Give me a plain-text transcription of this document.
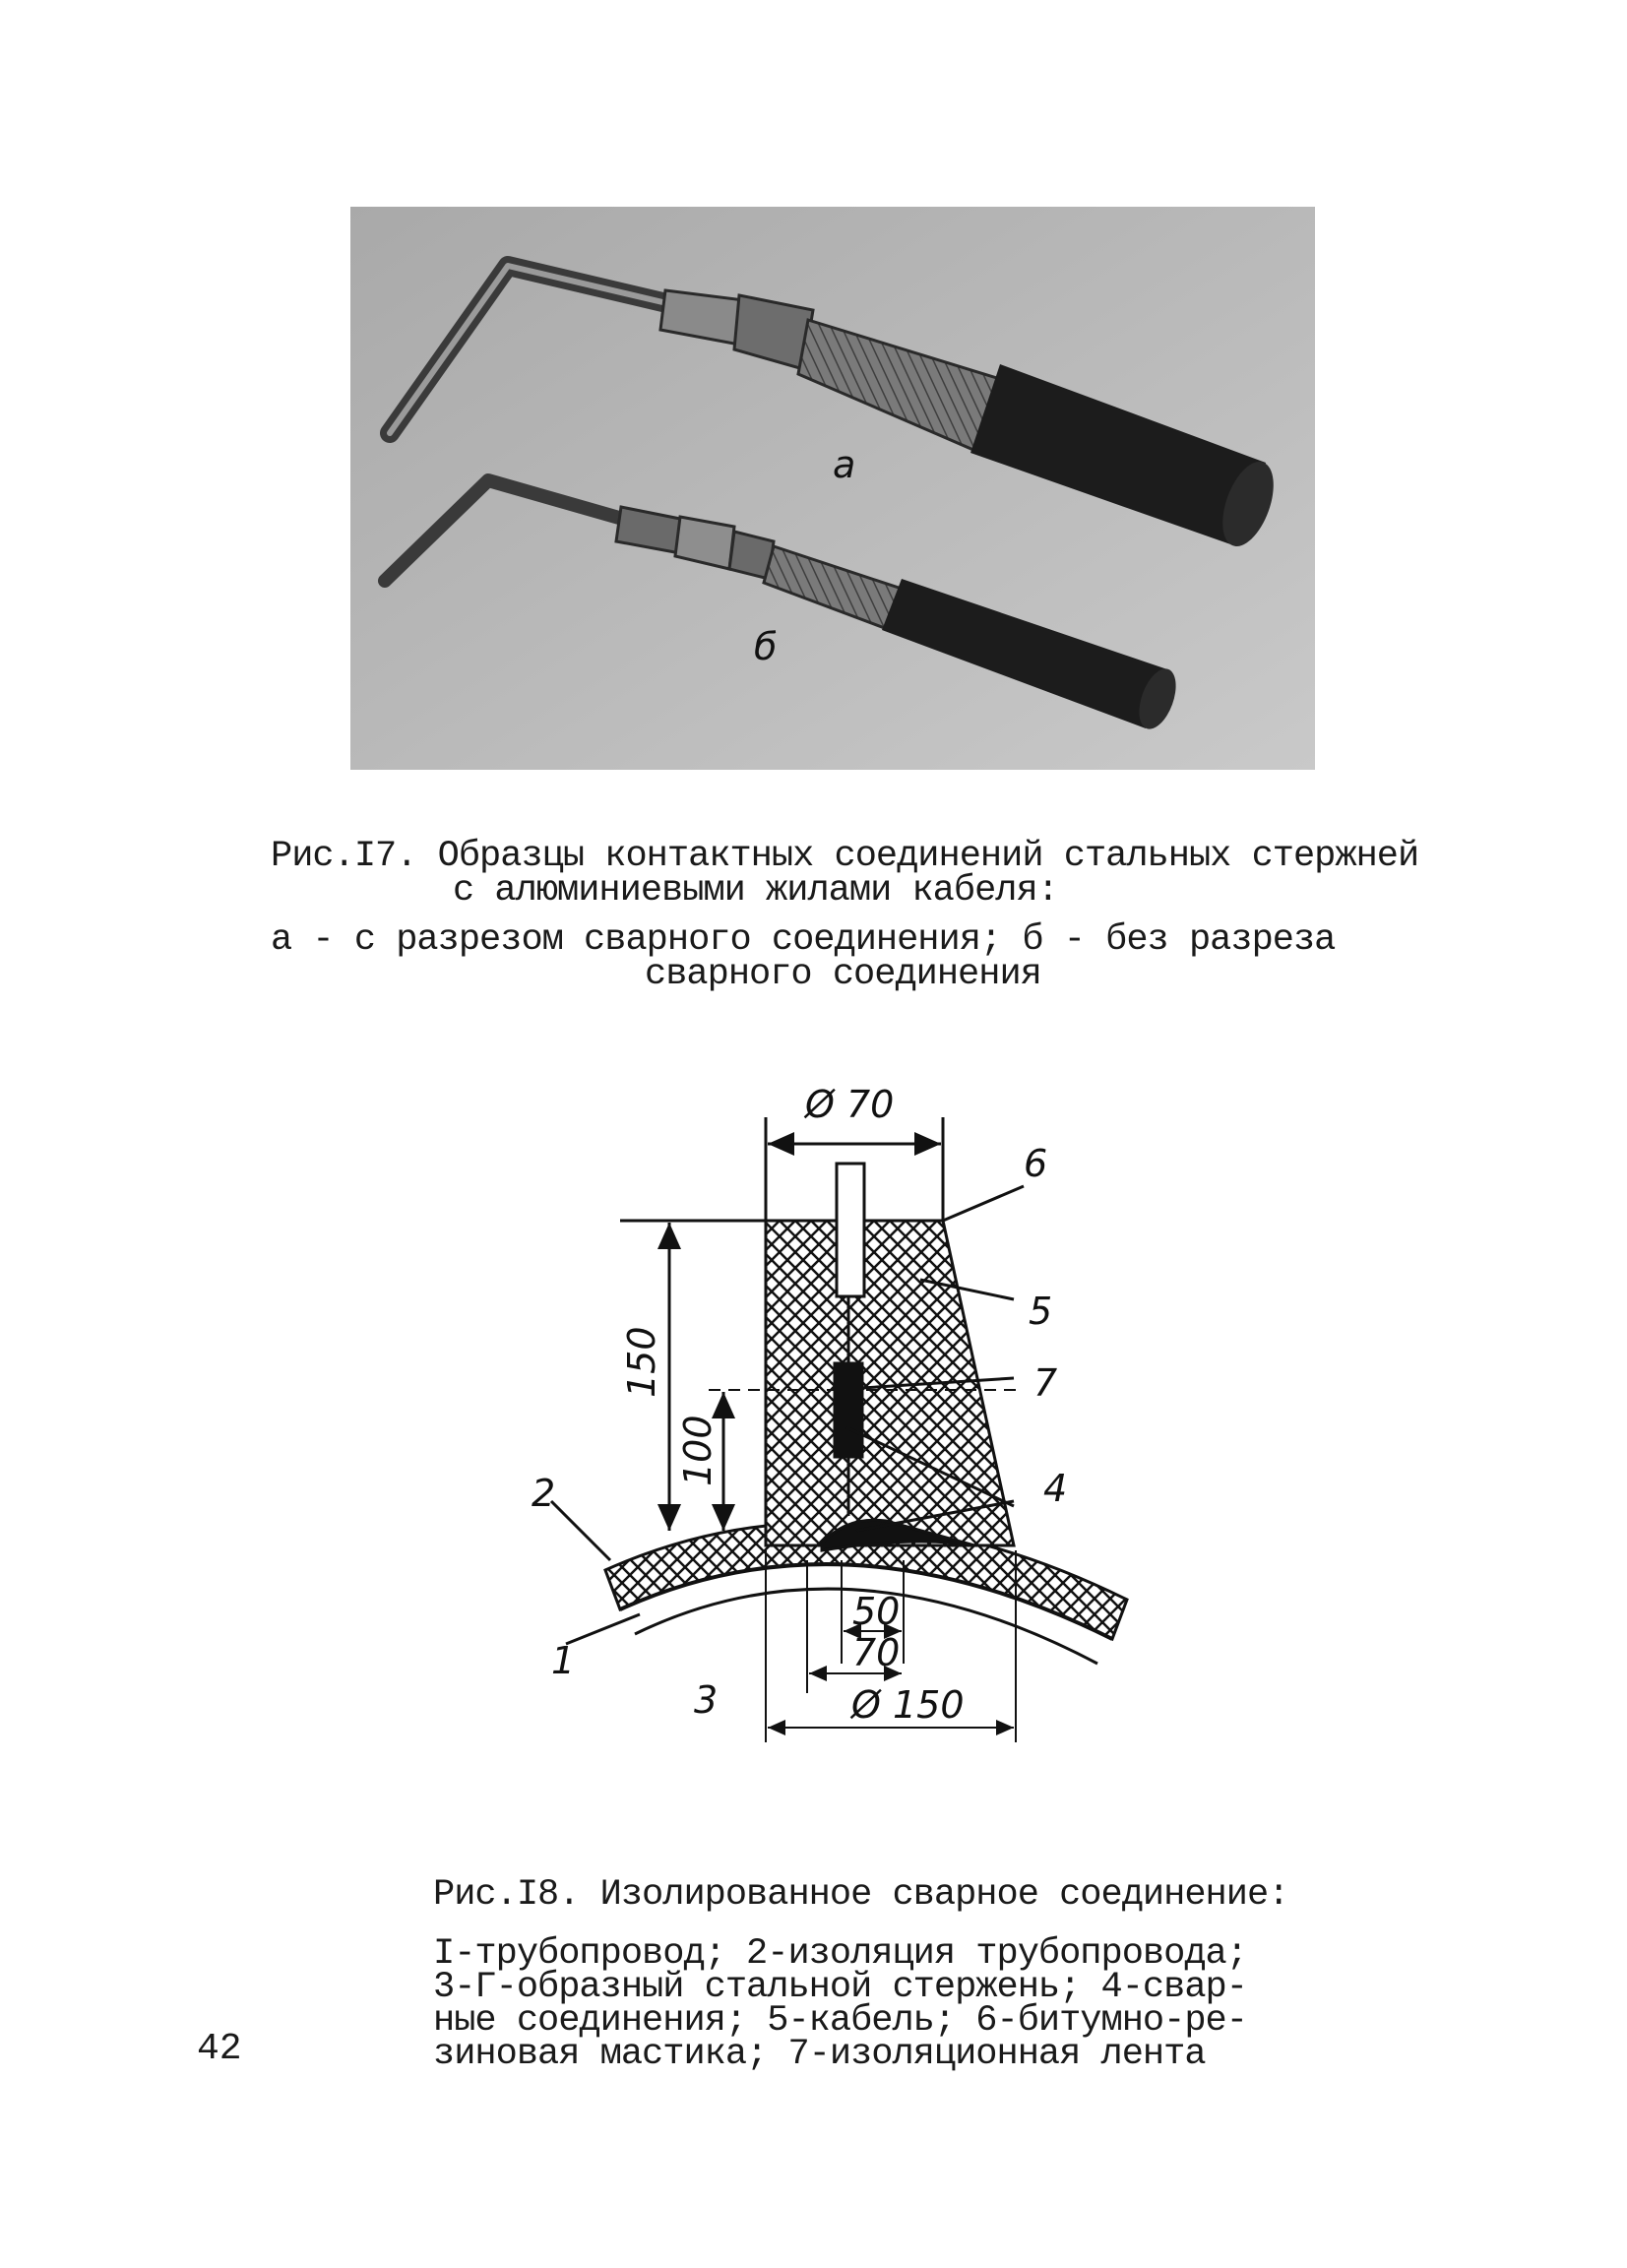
а
б
Рис.I7. Образцы контактных соединений стальных стержней
с алюминиевыми жилами кабеля:
а - с разрезом сварного соединения; б - без разреза
сварного соединения
Ø 70
150
100
50
70
Ø 150
1
2
3
4
5
6
7
Рис.I8. Изолированное сварное соединение:
I-трубопровод; 2-изоляция трубопровода;
3-Г-образный стальной стержень; 4-свар-
ные соединения; 5-кабель; 6-битумно-ре-
зиновая мастика; 7-изоляционная лента
42
